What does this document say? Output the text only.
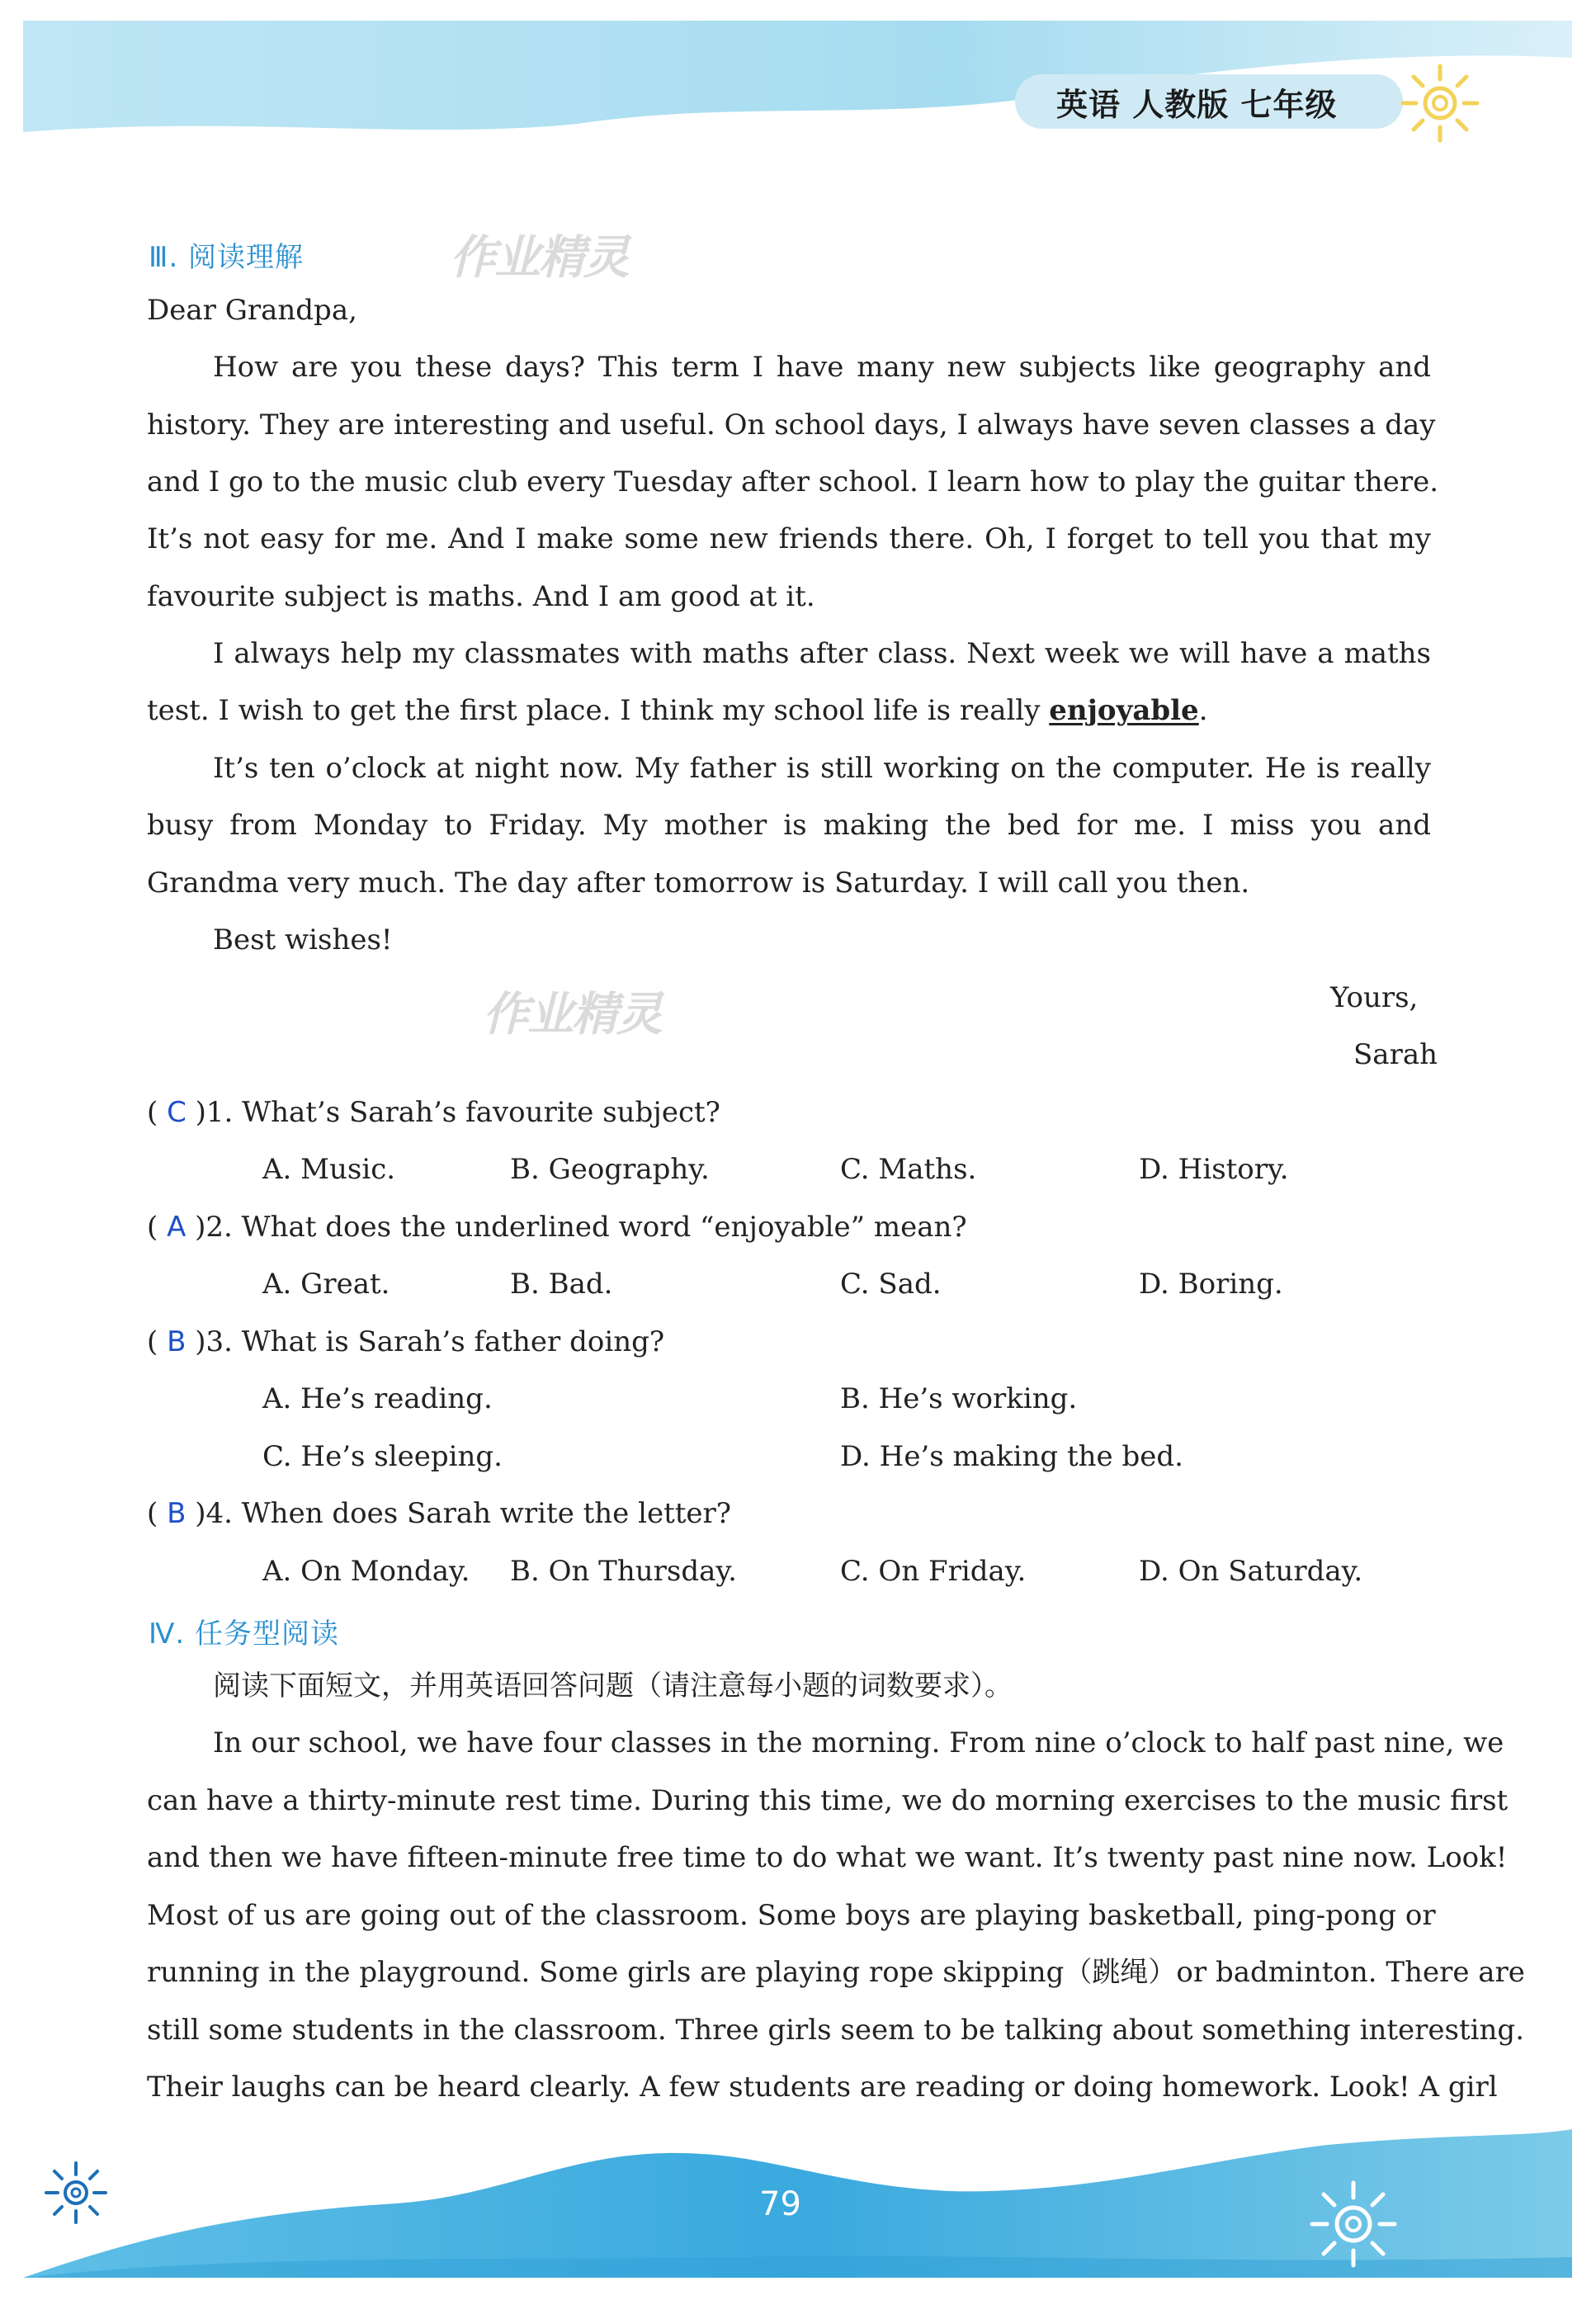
英语 人教版 七年级
Ⅲ. 阅读理解	作业精灵
Dear Grandpa,
How are you these days? This term I have many new subjects like geography and
history. They are interesting and useful. On school days, I always have seven classes a day
and I go to the music club every Tuesday after school. I learn how to play the guitar there.
It’s not easy for me. And I make some new friends there. Oh, I forget to tell you that my
favourite subject is maths. And I am good at it.
I always help my classmates with maths after class. Next week we will have a maths
test. I wish to get the first place. I think my school life is really enjoyable.
It’s ten o’clock at night now. My father is still working on the computer. He is really
busy from Monday to Friday. My mother is making the bed for me. I miss you and
Grandma very much. The day after tomorrow is Saturday. I will call you then.
Best wishes!
作业精灵	Yours,
Sarah
( C )1. What’s Sarah’s favourite subject?
A. Music.	B. Geography.	C. Maths.	D. History.
( A )2. What does the underlined word “enjoyable” mean?
A. Great.	B. Bad.	C. Sad.	D. Boring.
( B )3. What is Sarah’s father doing?
A. He’s reading.	B. He’s working.
C. He’s sleeping.	D. He’s making the bed.
( B )4. When does Sarah write the letter?
A. On Monday. B. On Thursday.	C. On Friday.	D. On Saturday.
Ⅳ. 任务型阅读
阅读下面短文，并用英语回答问题（请注意每小题的词数要求）。
In our school, we have four classes in the morning. From nine o’clock to half past nine, we
can have a thirty-minute rest time. During this time, we do morning exercises to the music first
and then we have fifteen-minute free time to do what we want. It’s twenty past nine now. Look!
Most of us are going out of the classroom. Some boys are playing basketball, ping-pong or
running in the playground. Some girls are playing rope skipping（跳绳）or badminton. There are
still some students in the classroom. Three girls seem to be talking about something interesting.
Their laughs can be heard clearly. A few students are reading or doing homework. Look! A girl
79
